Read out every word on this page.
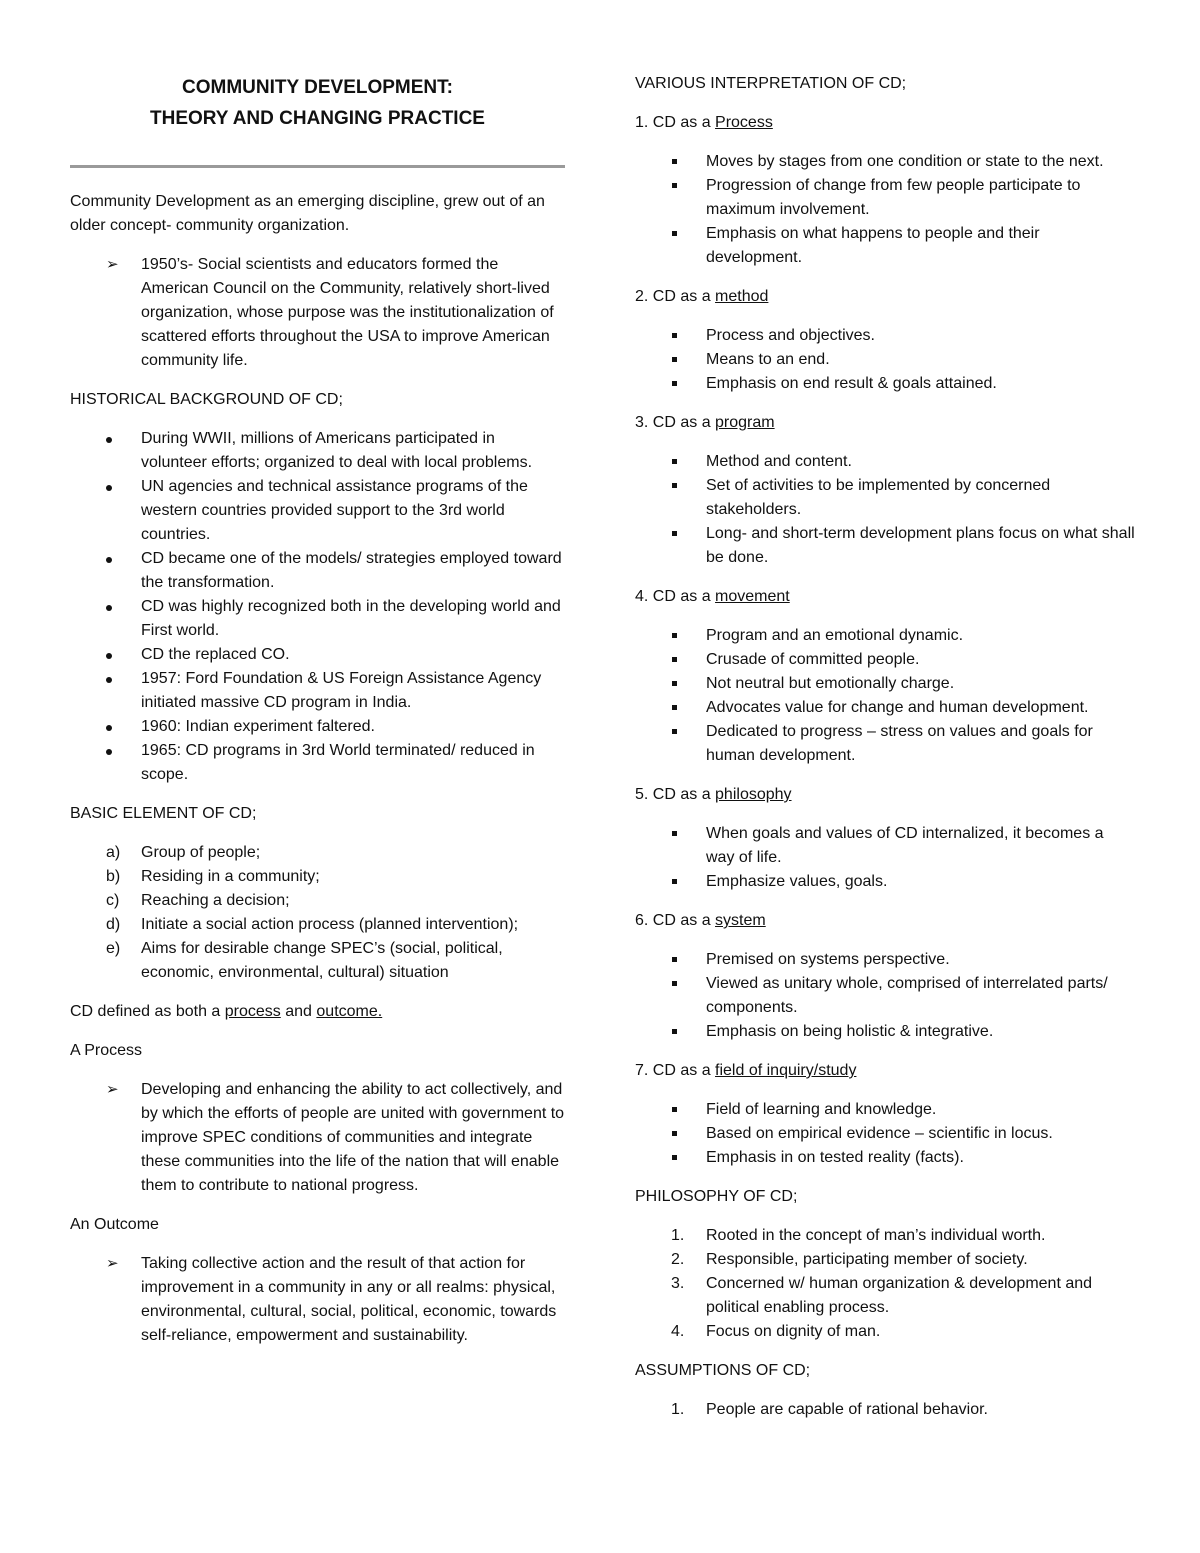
COMMUNITY DEVELOPMENT:
THEORY AND CHANGING PRACTICE

Community Development as an emerging discipline, grew out of an older concept- community organization.

➢ 1950’s- Social scientists and educators formed the American Council on the Community, relatively short-lived organization, whose purpose was the institutionalization of scattered efforts throughout the USA to improve American community life.

HISTORICAL BACKGROUND OF CD;

During WWII, millions of Americans participated in volunteer efforts; organized to deal with local problems.
UN agencies and technical assistance programs of the western countries provided support to the 3rd world countries.
CD became one of the models/ strategies employed toward the transformation.
CD was highly recognized both in the developing world and First world.
CD the replaced CO.
1957: Ford Foundation & US Foreign Assistance Agency initiated massive CD program in India.
1960: Indian experiment faltered.
1965: CD programs in 3rd World terminated/ reduced in scope.

BASIC ELEMENT OF CD;

a) Group of people;
b) Residing in a community;
c) Reaching a decision;
d) Initiate a social action process (planned intervention);
e) Aims for desirable change SPEC’s (social, political, economic, environmental, cultural) situation

CD defined as both a process and outcome.

A Process

➢ Developing and enhancing the ability to act collectively, and by which the efforts of people are united with government to improve SPEC conditions of communities and integrate these communities into the life of the nation that will enable them to contribute to national progress.

An Outcome

➢ Taking collective action and the result of that action for improvement in a community in any or all realms: physical, environmental, cultural, social, political, economic, towards self-reliance, empowerment and sustainability.

VARIOUS INTERPRETATION OF CD;

1. CD as a Process

Moves by stages from one condition or state to the next.
Progression of change from few people participate to maximum involvement.
Emphasis on what happens to people and their development.

2. CD as a method

Process and objectives.
Means to an end.
Emphasis on end result & goals attained.

3. CD as a program

Method and content.
Set of activities to be implemented by concerned stakeholders.
Long- and short-term development plans focus on what shall be done.

4. CD as a movement

Program and an emotional dynamic.
Crusade of committed people.
Not neutral but emotionally charge.
Advocates value for change and human development.
Dedicated to progress – stress on values and goals for human development.

5. CD as a philosophy

When goals and values of CD internalized, it becomes a way of life.
Emphasize values, goals.

6. CD as a system

Premised on systems perspective.
Viewed as unitary whole, comprised of interrelated parts/ components.
Emphasis on being holistic & integrative.

7. CD as a field of inquiry/study

Field of learning and knowledge.
Based on empirical evidence – scientific in locus.
Emphasis in on tested reality (facts).

PHILOSOPHY OF CD;

1. Rooted in the concept of man’s individual worth.
2. Responsible, participating member of society.
3. Concerned w/ human organization & development and political enabling process.
4. Focus on dignity of man.

ASSUMPTIONS OF CD;

1. People are capable of rational behavior.
